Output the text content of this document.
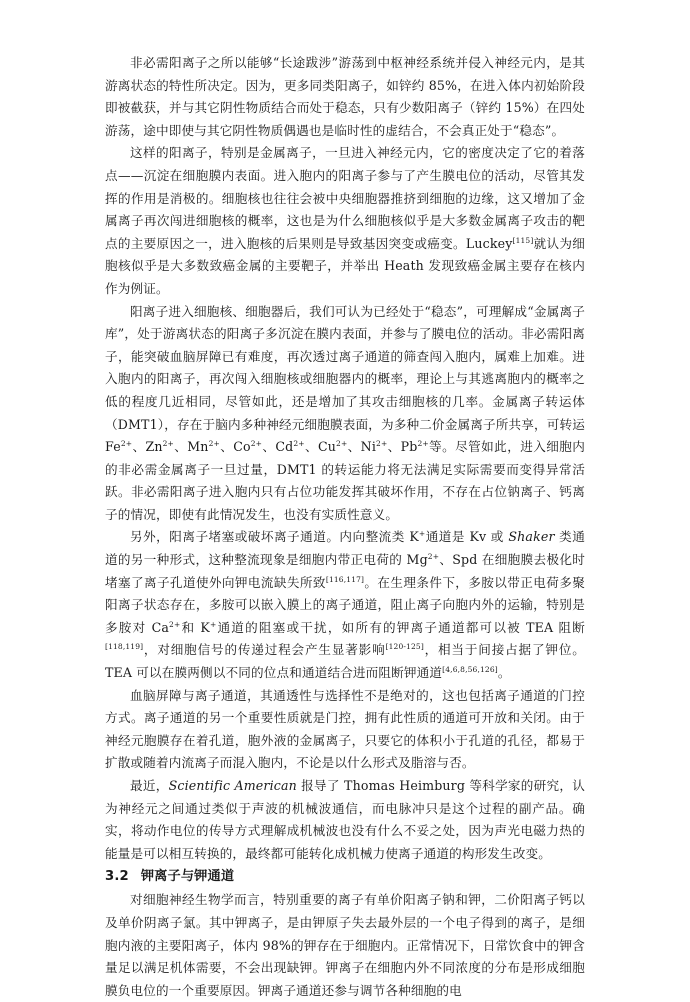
非必需阳离子之所以能够“长途跋涉”游荡到中枢神经系统并侵入神经元内，是其游离状态的特性所决定。因为，更多同类阳离子，如锌约 85%，在进入体内初始阶段即被截获，并与其它阴性物质结合而处于稳态，只有少数阳离子（锌约 15%）在四处游荡，途中即使与其它阴性物质偶遇也是临时性的虚结合，不会真正处于“稳态”。

这样的阳离子，特别是金属离子，一旦进入神经元内，它的密度决定了它的着落点——沉淀在细胞膜内表面。进入胞内的阳离子参与了产生膜电位的活动，尽管其发挥的作用是消极的。细胞核也往往会被中央细胞器推挤到细胞的边缘，这又增加了金属离子再次闯进细胞核的概率，这也是为什么细胞核似乎是大多数金属离子攻击的靶点的主要原因之一，进入胞核的后果则是导致基因突变或癌变。Luckey[115]就认为细胞核似乎是大多数致癌金属的主要靶子，并举出 Heath 发现致癌金属主要存在核内作为例证。

阳离子进入细胞核、细胞器后，我们可认为已经处于“稳态”，可理解成“金属离子库”，处于游离状态的阳离子多沉淀在膜内表面，并参与了膜电位的活动。非必需阳离子，能突破血脑屏障已有难度，再次透过离子通道的筛查闯入胞内，属难上加难。进入胞内的阳离子，再次闯入细胞核或细胞器内的概率，理论上与其逃离胞内的概率之低的程度几近相同，尽管如此，还是增加了其攻击细胞核的几率。金属离子转运体（DMT1），存在于脑内多种神经元细胞膜表面，为多种二价金属离子所共享，可转运 $Fe^{2+}$、$Zn^{2+}$、$Mn^{2+}$、$Co^{2+}$、$Cd^{2+}$、$Cu^{2+}$、$Ni^{2+}$、$Pb^{2+}$等。尽管如此，进入细胞内的非必需金属离子一旦过量，DMT1 的转运能力将无法满足实际需要而变得异常活跃。非必需阳离子进入胞内只有占位功能发挥其破坏作用，不存在占位钠离子、钙离子的情况，即使有此情况发生，也没有实质性意义。

另外，阳离子堵塞或破坏离子通道。内向整流类 K+通道是 Kv 或 Shaker 类通道的另一种形式，这种整流现象是细胞内带正电荷的 $Mg^{2+}$、Spd 在细胞膜去极化时堵塞了离子孔道使外向钾电流缺失所致[116,117]。在生理条件下，多胺以带正电荷多聚阳离子状态存在，多胺可以嵌入膜上的离子通道，阻止离子向胞内外的运输，特别是多胺对 $Ca^{2+}$和 K+通道的阻塞或干扰，如所有的钾离子通道都可以被 TEA 阻断[118,119]，对细胞信号的传递过程会产生显著影响[120-125]，相当于间接占据了钾位。TEA 可以在膜两侧以不同的位点和通道结合进而阻断钾通道[4,6,8,56,126]。

血脑屏障与离子通道，其通透性与选择性不是绝对的，这也包括离子通道的门控方式。离子通道的另一个重要性质就是门控，拥有此性质的通道可开放和关闭。由于神经元胞膜存在着孔道，胞外液的金属离子，只要它的体积小于孔道的孔径，都易于扩散或随着内流离子而混入胞内，不论是以什么形式及脂溶与否。

最近，Scientific American 报导了 Thomas Heimburg 等科学家的研究，认为神经元之间通过类似于声波的机械波通信，而电脉冲只是这个过程的副产品。确实，将动作电位的传导方式理解成机械波也没有什么不妥之处，因为声光电磁力热的能量是可以相互转换的，最终都可能转化成机械力使离子通道的构形发生改变。

3.2 钾离子与钾通道

对细胞神经生物学而言，特别重要的离子有单价阳离子钠和钾，二价阳离子钙以及单价阴离子氯。其中钾离子，是由钾原子失去最外层的一个电子得到的离子，是细胞内液的主要阳离子，体内 98%的钾存在于细胞内。正常情况下，日常饮食中的钾含量足以满足机体需要，不会出现缺钾。钾离子在细胞内外不同浓度的分布是形成细胞膜负电位的一个重要原因。钾离子通道还参与调节各种细胞的电
